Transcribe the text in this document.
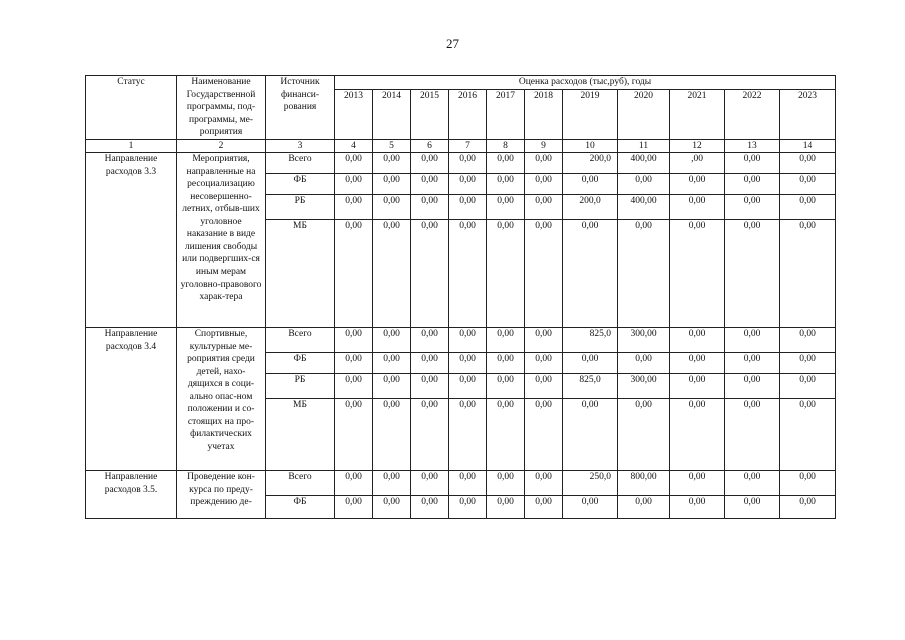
27
Статус	Наименование Государственной программы, под-программы, ме-роприятия	Источник финанси-рования	Оценка расходов (тыс,руб), годы										
			2013	2014	2015	2016	2017	2018	2019	2020	2021	2022	2023
1	2	3	4	5	6	7	8	9	10	11	12	13	14
Направление расходов 3.3	Мероприятия, направленные на ресоциализацию несовершенно-летних, отбыв-ших уголовное наказание в виде лишения свободы или подвергших-ся иным мерам уголовно-правового харак-тера	Всего	0,00	0,00	0,00	0,00	0,00	0,00	200,0	400,00	,00	0,00	0,00
		ФБ	0,00	0,00	0,00	0,00	0,00	0,00	0,00	0,00	0,00	0,00	0,00
		РБ	0,00	0,00	0,00	0,00	0,00	0,00	200,0	400,00	0,00	0,00	0,00
		МБ	0,00	0,00	0,00	0,00	0,00	0,00	0,00	0,00	0,00	0,00	0,00
Направление расходов 3.4	Спортивные, культурные ме-роприятия среди детей, нахо-дящихся в соци-ально опас-ном положении и со-стоящих на про-филактических учетах	Всего	0,00	0,00	0,00	0,00	0,00	0,00	825,0	300,00	0,00	0,00	0,00
		ФБ	0,00	0,00	0,00	0,00	0,00	0,00	0,00	0,00	0,00	0,00	0,00
		РБ	0,00	0,00	0,00	0,00	0,00	0,00	825,0	300,00	0,00	0,00	0,00
		МБ	0,00	0,00	0,00	0,00	0,00	0,00	0,00	0,00	0,00	0,00	0,00
Направление расходов 3.5.	Проведение кон-курса по преду-преждению де-	Всего	0,00	0,00	0,00	0,00	0,00	0,00	250,0	800,00	0,00	0,00	0,00
		ФБ	0,00	0,00	0,00	0,00	0,00	0,00	0,00	0,00	0,00	0,00	0,00
